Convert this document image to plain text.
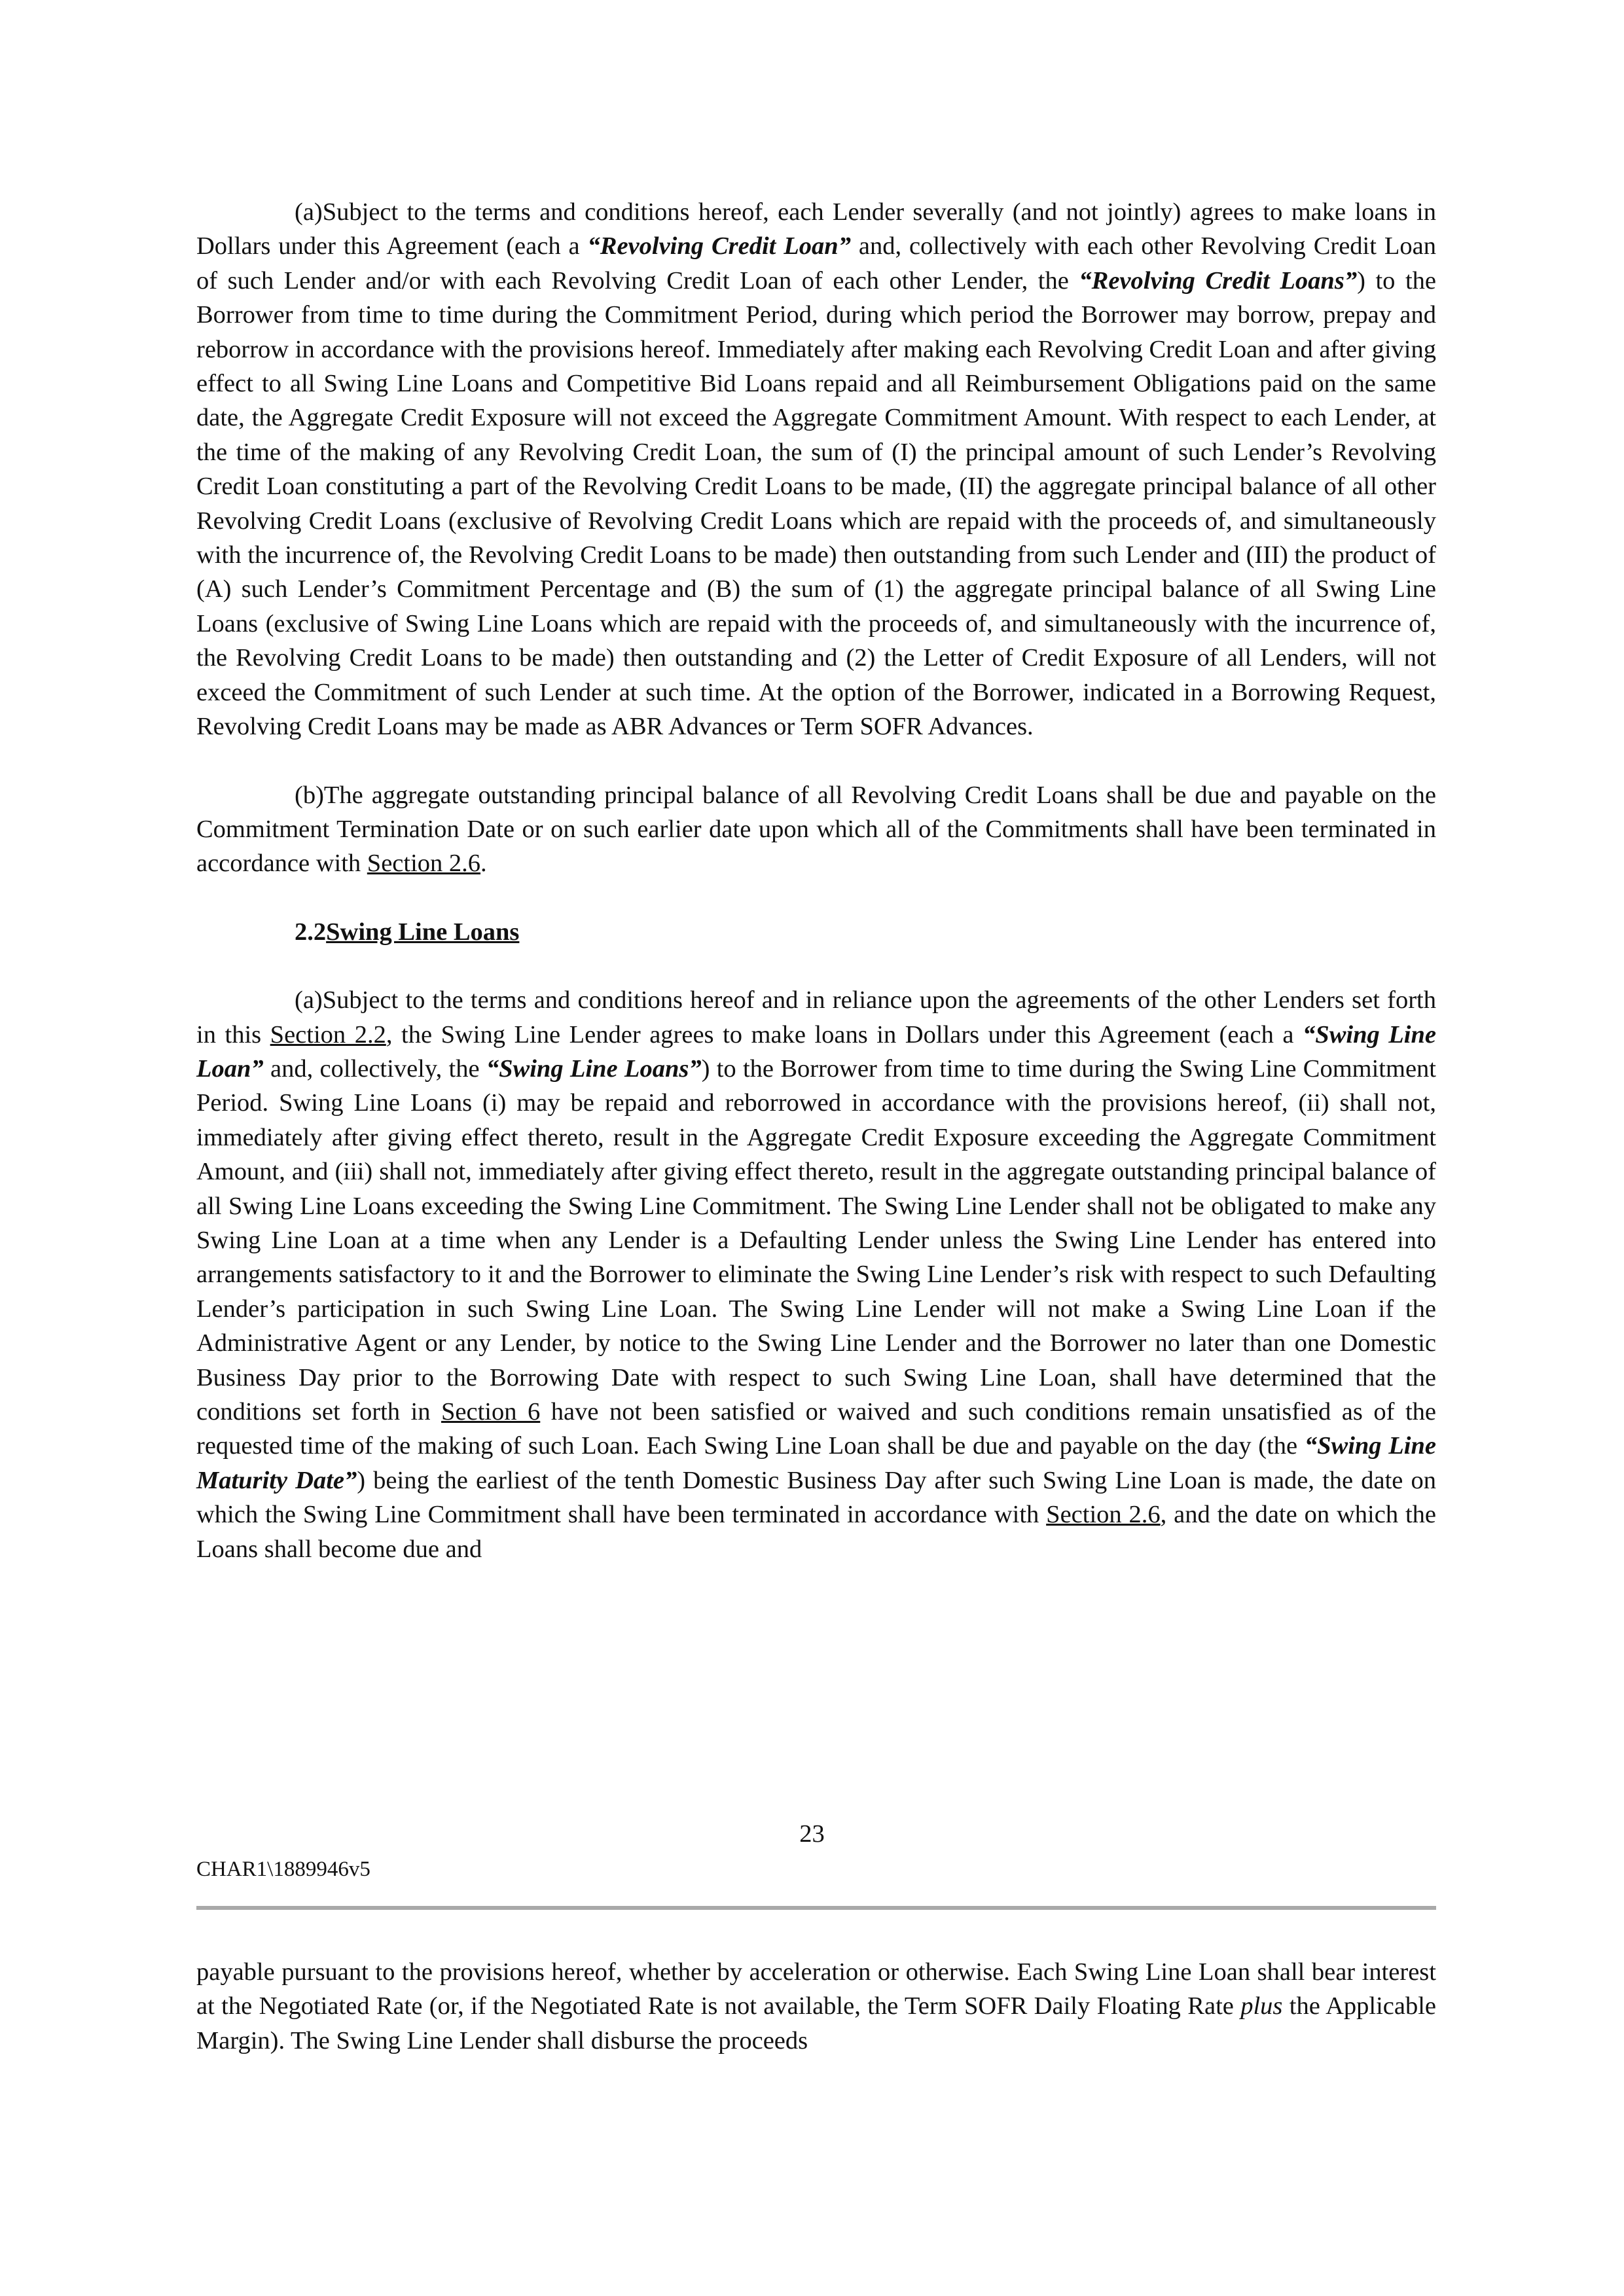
(a)Subject to the terms and conditions hereof, each Lender severally (and not jointly) agrees to make loans in Dollars under this Agreement (each a “Revolving Credit Loan” and, collectively with each other Revolving Credit Loan of such Lender and/or with each Revolving Credit Loan of each other Lender, the “Revolving Credit Loans”) to the Borrower from time to time during the Commitment Period, during which period the Borrower may borrow, prepay and reborrow in accordance with the provisions hereof. Immediately after making each Revolving Credit Loan and after giving effect to all Swing Line Loans and Competitive Bid Loans repaid and all Reimbursement Obligations paid on the same date, the Aggregate Credit Exposure will not exceed the Aggregate Commitment Amount. With respect to each Lender, at the time of the making of any Revolving Credit Loan, the sum of (I) the principal amount of such Lender’s Revolving Credit Loan constituting a part of the Revolving Credit Loans to be made, (II) the aggregate principal balance of all other Revolving Credit Loans (exclusive of Revolving Credit Loans which are repaid with the proceeds of, and simultaneously with the incurrence of, the Revolving Credit Loans to be made) then outstanding from such Lender and (III) the product of (A) such Lender’s Commitment Percentage and (B) the sum of (1) the aggregate principal balance of all Swing Line Loans (exclusive of Swing Line Loans which are repaid with the proceeds of, and simultaneously with the incurrence of, the Revolving Credit Loans to be made) then outstanding and (2) the Letter of Credit Exposure of all Lenders, will not exceed the Commitment of such Lender at such time. At the option of the Borrower, indicated in a Borrowing Request, Revolving Credit Loans may be made as ABR Advances or Term SOFR Advances.

(b)The aggregate outstanding principal balance of all Revolving Credit Loans shall be due and payable on the Commitment Termination Date or on such earlier date upon which all of the Commitments shall have been terminated in accordance with Section 2.6.

2.2Swing Line Loans

(a)Subject to the terms and conditions hereof and in reliance upon the agreements of the other Lenders set forth in this Section 2.2, the Swing Line Lender agrees to make loans in Dollars under this Agreement (each a “Swing Line Loan” and, collectively, the “Swing Line Loans”) to the Borrower from time to time during the Swing Line Commitment Period. Swing Line Loans (i) may be repaid and reborrowed in accordance with the provisions hereof, (ii) shall not, immediately after giving effect thereto, result in the Aggregate Credit Exposure exceeding the Aggregate Commitment Amount, and (iii) shall not, immediately after giving effect thereto, result in the aggregate outstanding principal balance of all Swing Line Loans exceeding the Swing Line Commitment. The Swing Line Lender shall not be obligated to make any Swing Line Loan at a time when any Lender is a Defaulting Lender unless the Swing Line Lender has entered into arrangements satisfactory to it and the Borrower to eliminate the Swing Line Lender’s risk with respect to such Defaulting Lender’s participation in such Swing Line Loan. The Swing Line Lender will not make a Swing Line Loan if the Administrative Agent or any Lender, by notice to the Swing Line Lender and the Borrower no later than one Domestic Business Day prior to the Borrowing Date with respect to such Swing Line Loan, shall have determined that the conditions set forth in Section 6 have not been satisfied or waived and such conditions remain unsatisfied as of the requested time of the making of such Loan. Each Swing Line Loan shall be due and payable on the day (the “Swing Line Maturity Date”) being the earliest of the tenth Domestic Business Day after such Swing Line Loan is made, the date on which the Swing Line Commitment shall have been terminated in accordance with Section 2.6, and the date on which the Loans shall become due and

23
CHAR1\1889946v5

payable pursuant to the provisions hereof, whether by acceleration or otherwise. Each Swing Line Loan shall bear interest at the Negotiated Rate (or, if the Negotiated Rate is not available, the Term SOFR Daily Floating Rate plus the Applicable Margin). The Swing Line Lender shall disburse the proceeds
